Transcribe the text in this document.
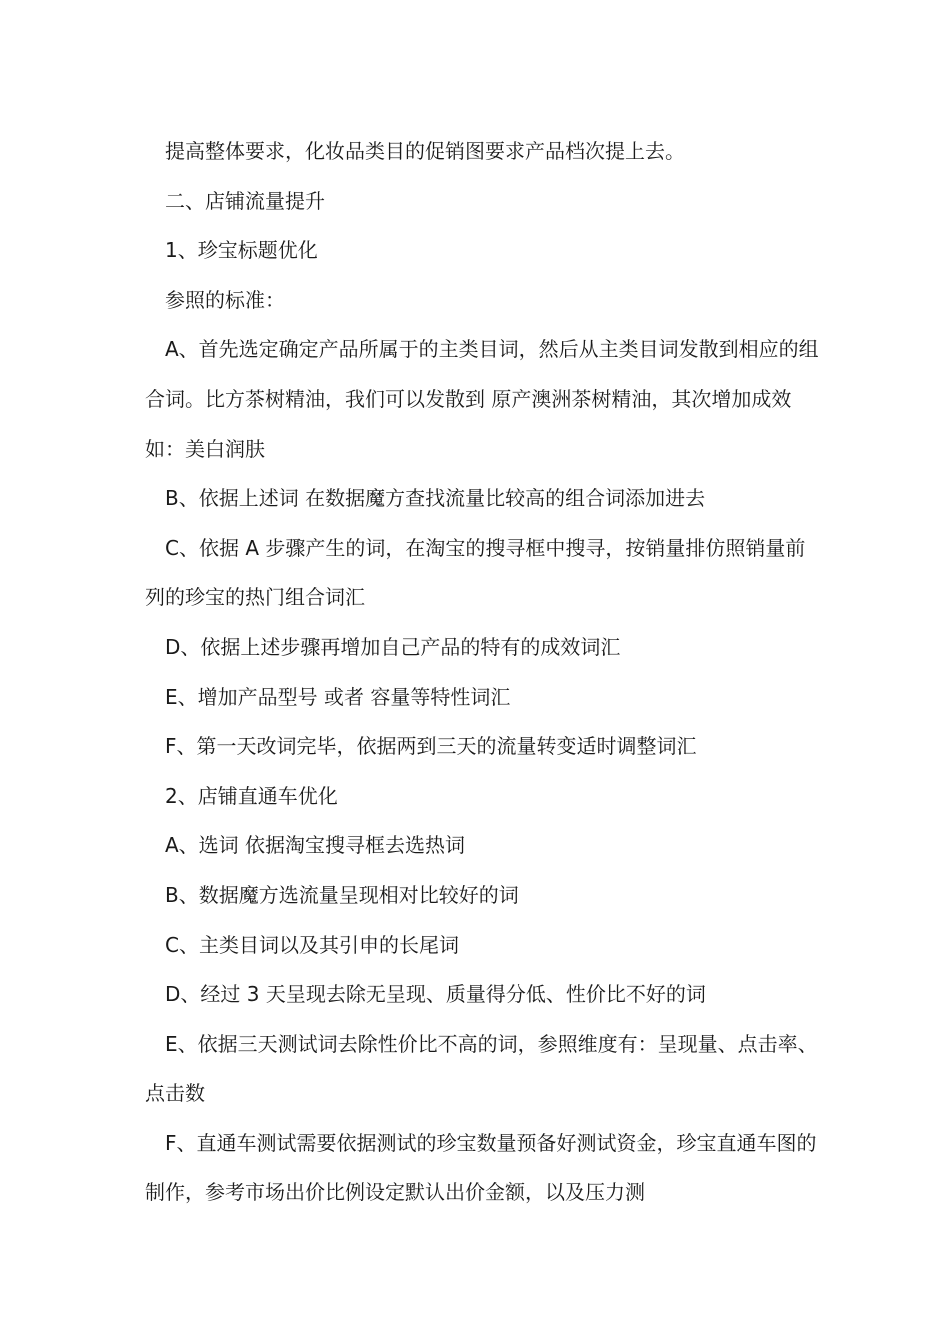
提高整体要求，化妆品类目的促销图要求产品档次提上去。

二、店铺流量提升

1、珍宝标题优化

参照的标准：

A、首先选定确定产品所属于的主类目词，然后从主类目词发散到相应的组合词。比方茶树精油，我们可以发散到 原产澳洲茶树精油，其次增加成效如：美白润肤

B、依据上述词 在数据魔方查找流量比较高的组合词添加进去

C、依据 A 步骤产生的词，在淘宝的搜寻框中搜寻，按销量排仿照销量前列的珍宝的热门组合词汇

D、依据上述步骤再增加自己产品的特有的成效词汇

E、增加产品型号 或者 容量等特性词汇

F、第一天改词完毕，依据两到三天的流量转变适时调整词汇

2、店铺直通车优化

A、选词 依据淘宝搜寻框去选热词

B、数据魔方选流量呈现相对比较好的词

C、主类目词以及其引申的长尾词

D、经过 3 天呈现去除无呈现、质量得分低、性价比不好的词

E、依据三天测试词去除性价比不高的词，参照维度有：呈现量、点击率、点击数

F、直通车测试需要依据测试的珍宝数量预备好测试资金，珍宝直通车图的制作，参考市场出价比例设定默认出价金额，以及压力测
